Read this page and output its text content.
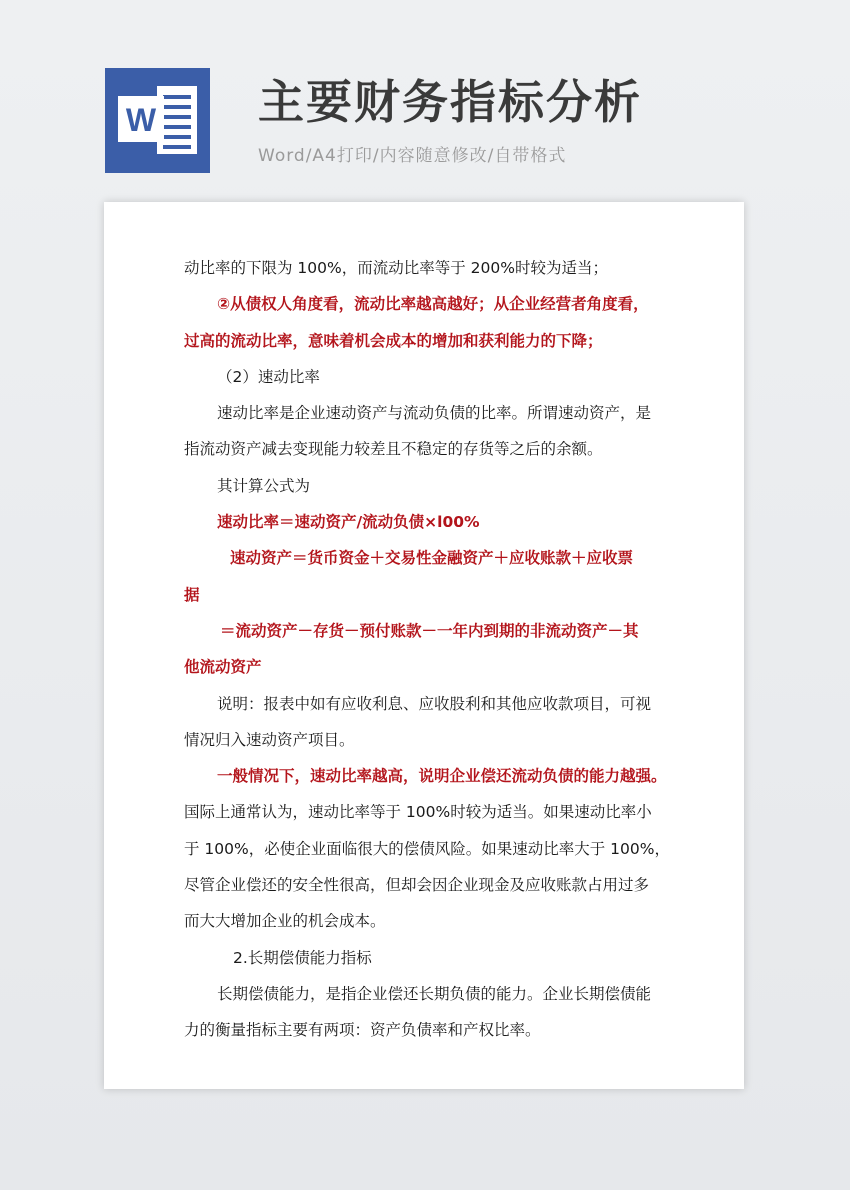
W 主要财务指标分析

Word/A4打印/内容随意修改/自带格式

动比率的下限为 100%，而流动比率等于 200%时较为适当；

②从债权人角度看，流动比率越高越好；从企业经营者角度看，

过高的流动比率，意味着机会成本的增加和获利能力的下降；

（2）速动比率

速动比率是企业速动资产与流动负债的比率。所谓速动资产，是

指流动资产减去变现能力较差且不稳定的存货等之后的余额。

其计算公式为

速动比率＝速动资产/流动负债×l00%

速动资产＝货币资金＋交易性金融资产＋应收账款＋应收票

据

＝流动资产－存货－预付账款－一年内到期的非流动资产－其

他流动资产

说明：报表中如有应收利息、应收股利和其他应收款项目，可视

情况归入速动资产项目。

一般情况下，速动比率越高，说明企业偿还流动负债的能力越强。

国际上通常认为，速动比率等于 100%时较为适当。如果速动比率小

于 100%，必使企业面临很大的偿债风险。如果速动比率大于 100%，

尽管企业偿还的安全性很高，但却会因企业现金及应收账款占用过多

而大大增加企业的机会成本。

2.长期偿债能力指标

长期偿债能力，是指企业偿还长期负债的能力。企业长期偿债能

力的衡量指标主要有两项：资产负债率和产权比率。
